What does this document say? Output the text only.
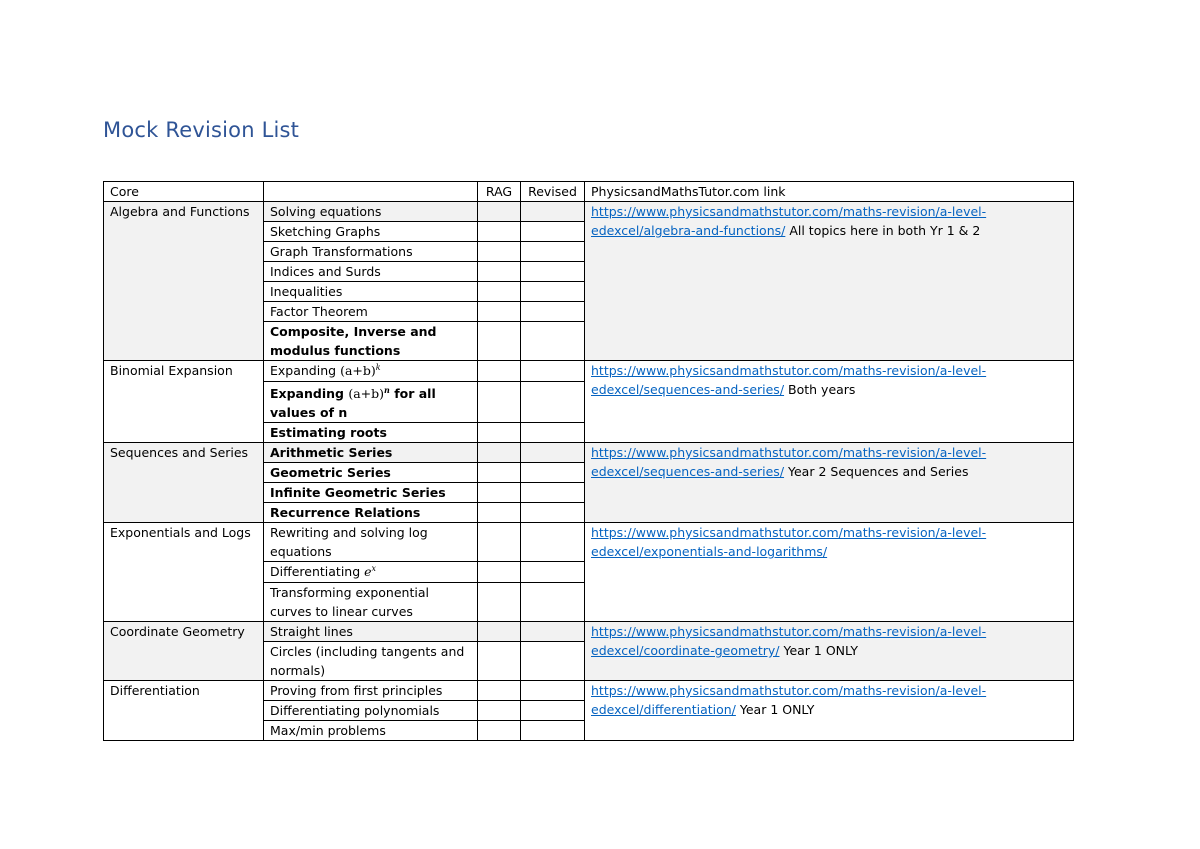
Mock Revision List
Core		RAG	Revised	PhysicsandMathsTutor.com link
Algebra and Functions	Solving equations			https://www.physicsandmathstutor.com/maths-revision/a-level-
edexcel/algebra-and-functions/ All topics here in both Yr 1 & 2
	Sketching Graphs			
	Graph Transformations			
	Indices and Surds			
	Inequalities			
	Factor Theorem			
	Composite, Inverse and modulus functions			
Binomial Expansion	Expanding $(a+b)^k$			https://www.physicsandmathstutor.com/maths-revision/a-level-
edexcel/sequences-and-series/ Both years
	Expanding $(a+b)^n$ for all values of n			
	Estimating roots			
Sequences and Series	Arithmetic Series			https://www.physicsandmathstutor.com/maths-revision/a-level-
edexcel/sequences-and-series/ Year 2 Sequences and Series
	Geometric Series			
	Infinite Geometric Series			
	Recurrence Relations			
Exponentials and Logs	Rewriting and solving log equations			https://www.physicsandmathstutor.com/maths-revision/a-level-
edexcel/exponentials-and-logarithms/
	Differentiating $e^x$		
	Transforming exponential curves to linear curves			
Coordinate Geometry	Straight lines			https://www.physicsandmathstutor.com/maths-revision/a-level-
edexcel/coordinate-geometry/ Year 1 ONLY
	Circles (including tangents and normals)			
Differentiation	Proving from first principles			https://www.physicsandmathstutor.com/maths-revision/a-level-
edexcel/differentiation/ Year 1 ONLY
	Differentiating polynomials			
	Max/min problems			
